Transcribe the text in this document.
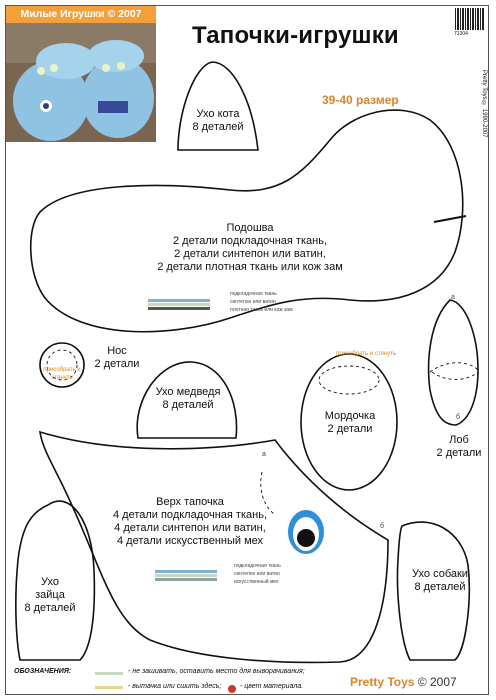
Милые Игрушки © 2007
Тапочки-игрушки
39-40 размер
71304
Pretty Toys © 1990-2007
Ухо кота
8 деталей
Подошва
2 детали подкладочная ткань,
2 детали синтепон или ватин,
2 детали плотная ткань или кож зам
подкладочная ткань
синтепон или ватин
плотная ткань или кож зам
присобрать и стянуть
Нос
2 детали
Ухо медведя
8 деталей
присобрать и стянуть
Мордочка
2 детали
а
б
Лоб
2 детали
а
б
Верх тапочка
4 детали подкладочная ткань,
4 детали синтепон или ватин,
4 детали искусственный мех
подкладочная ткань
синтепон или ватин
искусственный мех
Ухо
зайца
8 деталей
Ухо собаки
8 деталей
ОБОЗНАЧЕНИЯ:	- не зашивать, оставить место для выворачивания;
- вытачка или сшить здесь;	- цвет материала.	Pretty Toys © 2007
